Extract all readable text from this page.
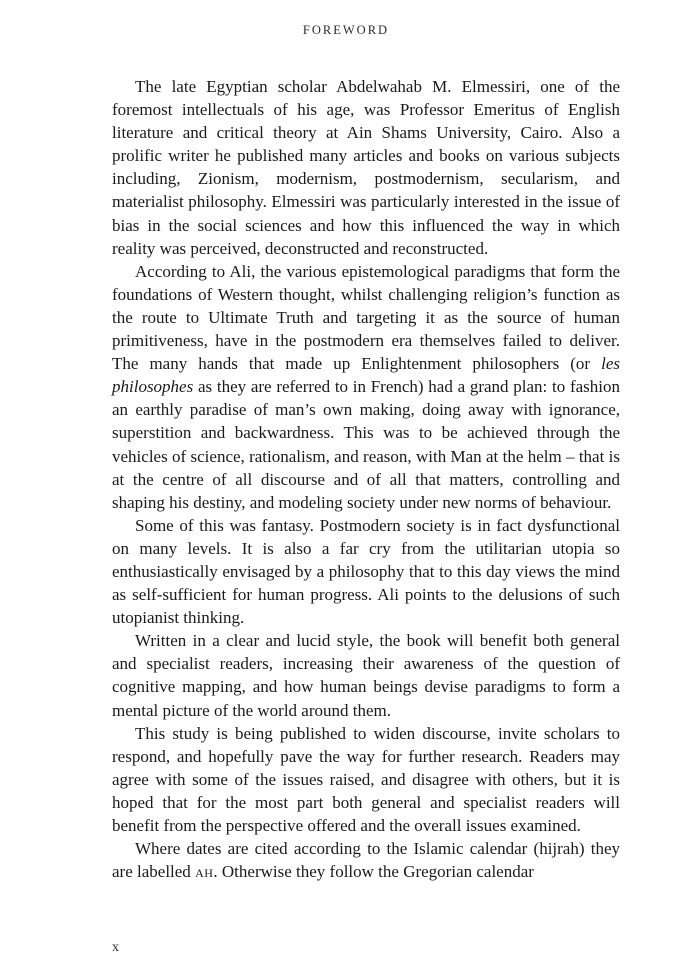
FOREWORD

The late Egyptian scholar Abdelwahab M. Elmessiri, one of the foremost intellectuals of his age, was Professor Emeritus of English literature and critical theory at Ain Shams University, Cairo. Also a prolific writer he published many articles and books on various subjects including, Zionism, modernism, postmodernism, secularism, and materialist philosophy. Elmessiri was particularly interested in the issue of bias in the social sciences and how this influenced the way in which reality was perceived, deconstructed and reconstructed.

According to Ali, the various epistemological paradigms that form the foundations of Western thought, whilst challenging religion’s function as the route to Ultimate Truth and targeting it as the source of human primitiveness, have in the postmodern era themselves failed to deliver. The many hands that made up Enlightenment philosophers (or les philosophes as they are referred to in French) had a grand plan: to fashion an earthly paradise of man’s own making, doing away with ignorance, superstition and backwardness. This was to be achieved through the vehicles of science, rationalism, and reason, with Man at the helm – that is at the centre of all discourse and of all that matters, controlling and shaping his destiny, and modeling society under new norms of behaviour.

Some of this was fantasy. Postmodern society is in fact dysfunctional on many levels. It is also a far cry from the utilitarian utopia so enthusiastically envisaged by a philosophy that to this day views the mind as self-sufficient for human progress. Ali points to the delusions of such utopianist thinking.

Written in a clear and lucid style, the book will benefit both general and specialist readers, increasing their awareness of the question of cognitive mapping, and how human beings devise paradigms to form a mental picture of the world around them.

This study is being published to widen discourse, invite scholars to respond, and hopefully pave the way for further research. Readers may agree with some of the issues raised, and disagree with others, but it is hoped that for the most part both general and specialist readers will benefit from the perspective offered and the overall issues examined.

Where dates are cited according to the Islamic calendar (hijrah) they are labelled ah. Otherwise they follow the Gregorian calendar

x
